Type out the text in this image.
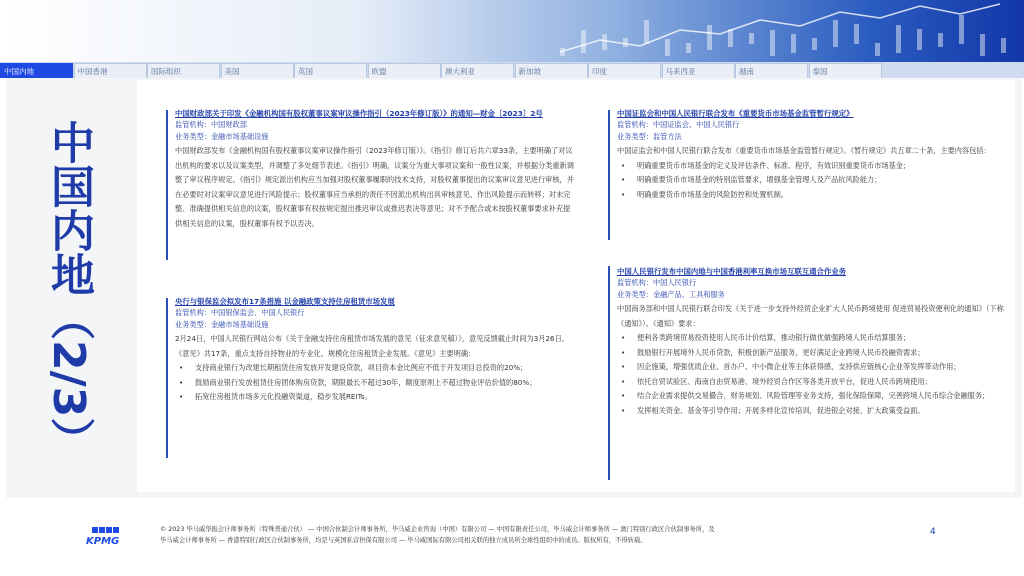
中国内地	中国香港	国际组织	美国	英国	欧盟	澳大利亚	新加坡	印度	马来西亚	越南	泰国
中国内地（2/3）

中国财政部关于印发《金融机构国有股权董事议案审议操作指引（2023年修订版）》的通知—财金〔2023〕2号

监管机构：中国财政部

业务类型：金融市场基础设施

中国财政部发布《金融机构国有股权董事议案审议操作指引（2023年修订版）》。《指引》修订后共六章33条，主要明确了对议出机构的要求以及议案类型，并调整了多处细节表述。《指引》明确，议案分为重大事项议案和一般性议案，并根据分类重新调整了审议程序规定。《指引》规定派出机构应当加强对股权董事履职的技术支持，对股权董事提出的议案审议意见进行审核，并在必要时对议案审议意见进行风险提示；股权董事应当承担的责任不因派出机构出具审核意见、作出风险提示而转移；对未完整、准确提供相关信息的议案，股权董事有权按规定提出推迟审议或推迟表决等意见；对不予配合或未按股权董事要求补充提供相关信息的议案，股权董事有权予以否决。

央行与银保监会拟发布17条措施 以金融政策支持住房租赁市场发展

监管机构：中国银保监会、中国人民银行

业务类型：金融市场基础设施

2月24日，中国人民银行网站公布《关于金融支持住房租赁市场发展的意见（征求意见稿）》，意见反馈截止时间为3月26日。《意见》共17条，重点支持自持物业的专业化、规模化住房租赁企业发展。《意见》主要明确：

• 支持商业银行为改建长期租赁住房发放开发建设贷款，项目资本金比例应不低于开发项目总投资的20%；
• 鼓励商业银行发放租赁住房团体购房贷款，期限最长不超过30年，额度原则上不超过物业评估价值的80%；
• 拓宽住房租赁市场多元化投融资渠道，稳步发展REITs。

中国证监会和中国人民银行联合发布《重要货币市场基金监管暂行规定》

监管机构：中国证监会、中国人民银行

业务类型：监管方法

中国证监会和中国人民银行联合发布《重要货币市场基金监管暂行规定》。《暂行规定》共五章二十条，主要内容包括：

• 明确重要货币市场基金的定义及评估条件、标准、程序，有效识别重要货币市场基金；
• 明确重要货币市场基金的特别监管要求，增强基金管理人及产品抗风险能力；
• 明确重要货币市场基金的风险防控和处置机制。

中国人民银行发布中国内地与中国香港利率互换市场互联互通合作业务

监管机构：中国人民银行

业务类型：金融产品、工具和服务

中国商务部和中国人民银行联合印发《关于进一步支持外经贸企业扩大人民币跨境使用 促进贸易投资便利化的通知》（下称《通知》）。《通知》要求：

• 便利各类跨境贸易投资使用人民币计价结算，推动银行做优做强跨境人民币结算服务；
• 鼓励银行开展境外人民币贷款，积极创新产品服务，更好满足企业跨境人民币投融资需求；
• 因企施策，增强优质企业、首办户、中小微企业等主体获得感，支持供应链核心企业等发挥带动作用；
• 依托自贸试验区、海南自由贸易港、境外经贸合作区等各类开放平台，促进人民币跨境使用；
• 结合企业需求提供交易撮合、财务规划、风险管理等业务支持，强化保险保障，完善跨境人民币综合金融服务；
• 发挥相关资金、基金等引导作用；开展多样化宣传培训，促进银企对接，扩大政策受益面。
KPMG
© 2023 毕马威华振会计师事务所（特殊普通合伙） — 中国合伙制会计师事务所，毕马威企业咨询（中国）有限公司 — 中国有限责任公司，毕马威会计师事务所 — 澳门特别行政区合伙制事务所，及
毕马威会计师事务所 — 香港特别行政区合伙制事务所，均是与英国私营担保有限公司 — 毕马威国际有限公司相关联的独立成员所全球性组织中的成员。版权所有，不得转载。
4
